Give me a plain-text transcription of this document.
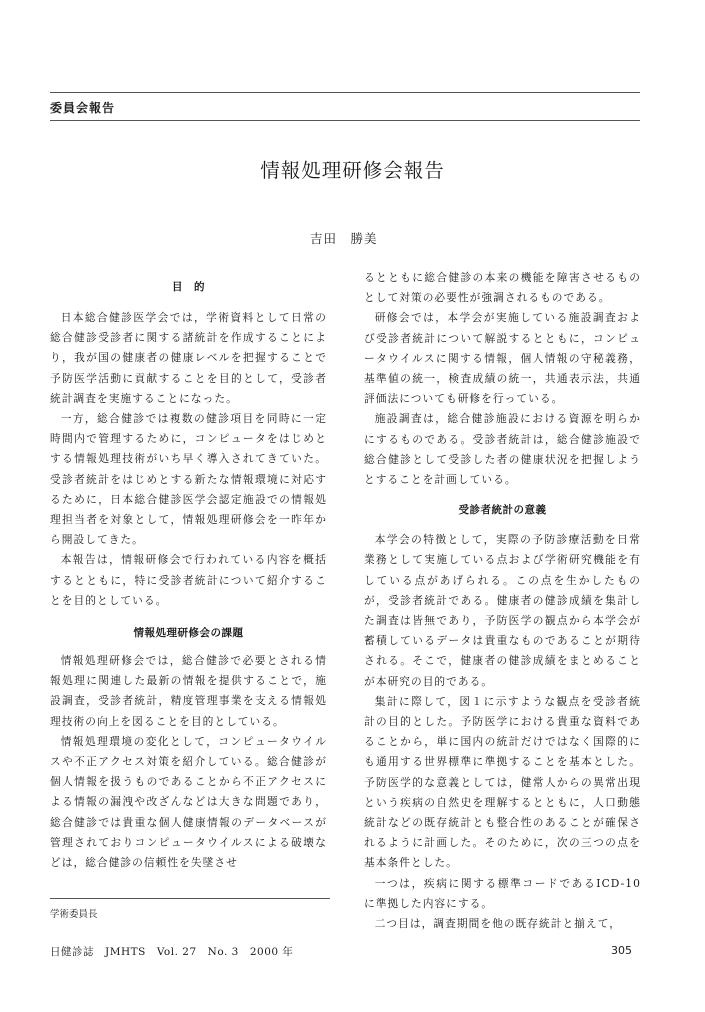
委員会報告
情報処理研修会報告
吉田　勝美
目　的

日本総合健診医学会では，学術資料として日常の総合健診受診者に関する諸統計を作成することにより，我が国の健康者の健康レベルを把握することで予防医学活動に貢献することを目的として，受診者統計調査を実施することになった。

一方，総合健診では複数の健診項目を同時に一定時間内で管理するために，コンピュータをはじめとする情報処理技術がいち早く導入されてきていた。受診者統計をはじめとする新たな情報環境に対応するために，日本総合健診医学会認定施設での情報処理担当者を対象として，情報処理研修会を一昨年から開設してきた。

本報告は，情報研修会で行われている内容を概括するとともに，特に受診者統計について紹介することを目的としている。

情報処理研修会の課題

情報処理研修会では，総合健診で必要とされる情報処理に関連した最新の情報を提供することで，施設調査，受診者統計，精度管理事業を支える情報処理技術の向上を図ることを目的としている。

情報処理環境の変化として，コンピュータウイルスや不正アクセス対策を紹介している。総合健診が個人情報を扱うものであることから不正アクセスによる情報の漏洩や改ざんなどは大きな問題であり，総合健診では貴重な個人健康情報のデータベースが管理されておりコンピュータウイルスによる破壊などは，総合健診の信頼性を失墜させ

るとともに総合健診の本来の機能を障害させるものとして対策の必要性が強調されるものである。

研修会では，本学会が実施している施設調査および受診者統計について解説するとともに，コンピュータウイルスに関する情報，個人情報の守秘義務，基準値の統一，検査成績の統一，共通表示法，共通評価法についても研修を行っている。

施設調査は，総合健診施設における資源を明らかにするものである。受診者統計は，総合健診施設で総合健診として受診した者の健康状況を把握しようとすることを計画している。

受診者統計の意義

本学会の特徴として，実際の予防診療活動を日常業務として実施している点および学術研究機能を有している点があげられる。この点を生かしたものが，受診者統計である。健康者の健診成績を集計した調査は皆無であり，予防医学の観点から本学会が蓄積しているデータは貴重なものであることが期待される。そこで，健康者の健診成績をまとめることが本研究の目的である。

集計に際して，図１に示すような観点を受診者統計の目的とした。予防医学における貴重な資料であることから，単に国内の統計だけではなく国際的にも通用する世界標準に準拠することを基本とした。予防医学的な意義としては，健常人からの異常出現という疾病の自然史を理解するとともに，人口動態統計などの既存統計とも整合性のあることが確保されるように計画した。そのために，次の三つの点を基本条件とした。

一つは，疾病に関する標準コードであるICD-10に準拠した内容にする。

二つ目は，調査期間を他の既存統計と揃えて，

学術委員長
日健診誌　JMHTS　Vol. 27　No. 3　2000 年	305
